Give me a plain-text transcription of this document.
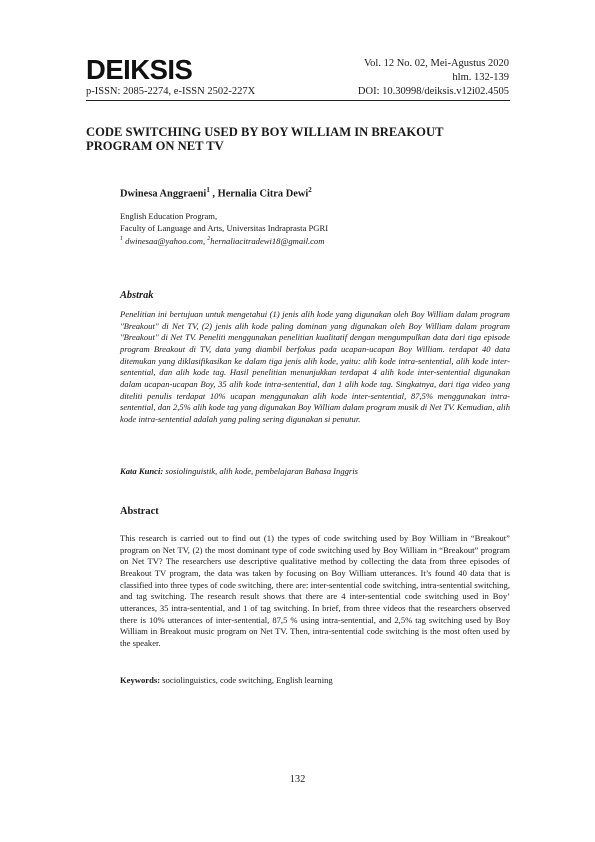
DEIKSIS
p-ISSN: 2085-2274, e-ISSN 2502-227X
Vol. 12 No. 02, Mei-Agustus 2020
hlm. 132-139
DOI: 10.30998/deiksis.v12i02.4505
CODE SWITCHING USED BY BOY WILLIAM IN BREAKOUT PROGRAM ON NET TV
Dwinesa Anggraeni$^1$ , Hernalia Citra Dewi$^2$
English Education Program,
Faculty of Language and Arts, Universitas Indraprasta PGRI
$^1$ dwinesaa@yahoo.com, $^2$hernaliacitradewi18@gmail.com
Abstrak
Penelitian ini bertujuan untuk mengetahui (1) jenis alih kode yang digunakan oleh Boy William dalam program ''Breakout'' di Net TV, (2) jenis alih kode paling dominan yang digunakan oleh Boy William dalam program ''Breakout'' di Net TV. Peneliti menggunakan penelitian kualitatif dengan mengumpulkan data dari tiga episode program Breakout di TV, data yang diambil berfokus pada ucapan-ucapan Boy William. terdapat 40 data ditemukan yang diklasifikasikan ke dalam tiga jenis alih kode, yaitu: alih kode intra-sentential, alih kode inter-sentential, dan alih kode tag. Hasil penelitian menunjukkan terdapat 4 alih kode inter-sentential digunakan dalam ucapan-ucapan Boy, 35 alih kode intra-sentential, dan 1 alih kode tag. Singkatnya, dari tiga video yang diteliti penulis terdapat 10% ucapan menggunakan alih kode inter-sentential, 87,5% menggunakan intra-sentential, dan 2,5% alih kode tag yang digunakan Boy William dalam program musik di Net TV. Kemudian, alih kode intra-sentential adalah yang paling sering digunakan si penutur.
Kata Kunci: sosiolinguistik, alih kode, pembelajaran Bahasa Inggris
Abstract
This research is carried out to find out (1) the types of code switching used by Boy William in “Breakout” program on Net TV, (2) the most dominant type of code switching used by Boy William in “Breakout” program on Net TV? The researchers use descriptive qualitative method by collecting the data from three episodes of Breakout TV program, the data was taken by focusing on Boy William utterances. It’s found 40 data that is classified into three types of code switching, there are: inter-sentential code switching, intra-sentential switching, and tag switching. The research result shows that there are 4 inter-sentential code switching used in Boy’ utterances, 35 intra-sentential, and 1 of tag switching. In brief, from three videos that the researchers observed there is 10% utterances of inter-sentential, 87,5 % using intra-sentential, and 2,5% tag switching used by Boy William in Breakout music program on Net TV. Then, intra-sentential code switching is the most often used by the speaker.
Keywords: sociolinguistics, code switching, English learning
132
